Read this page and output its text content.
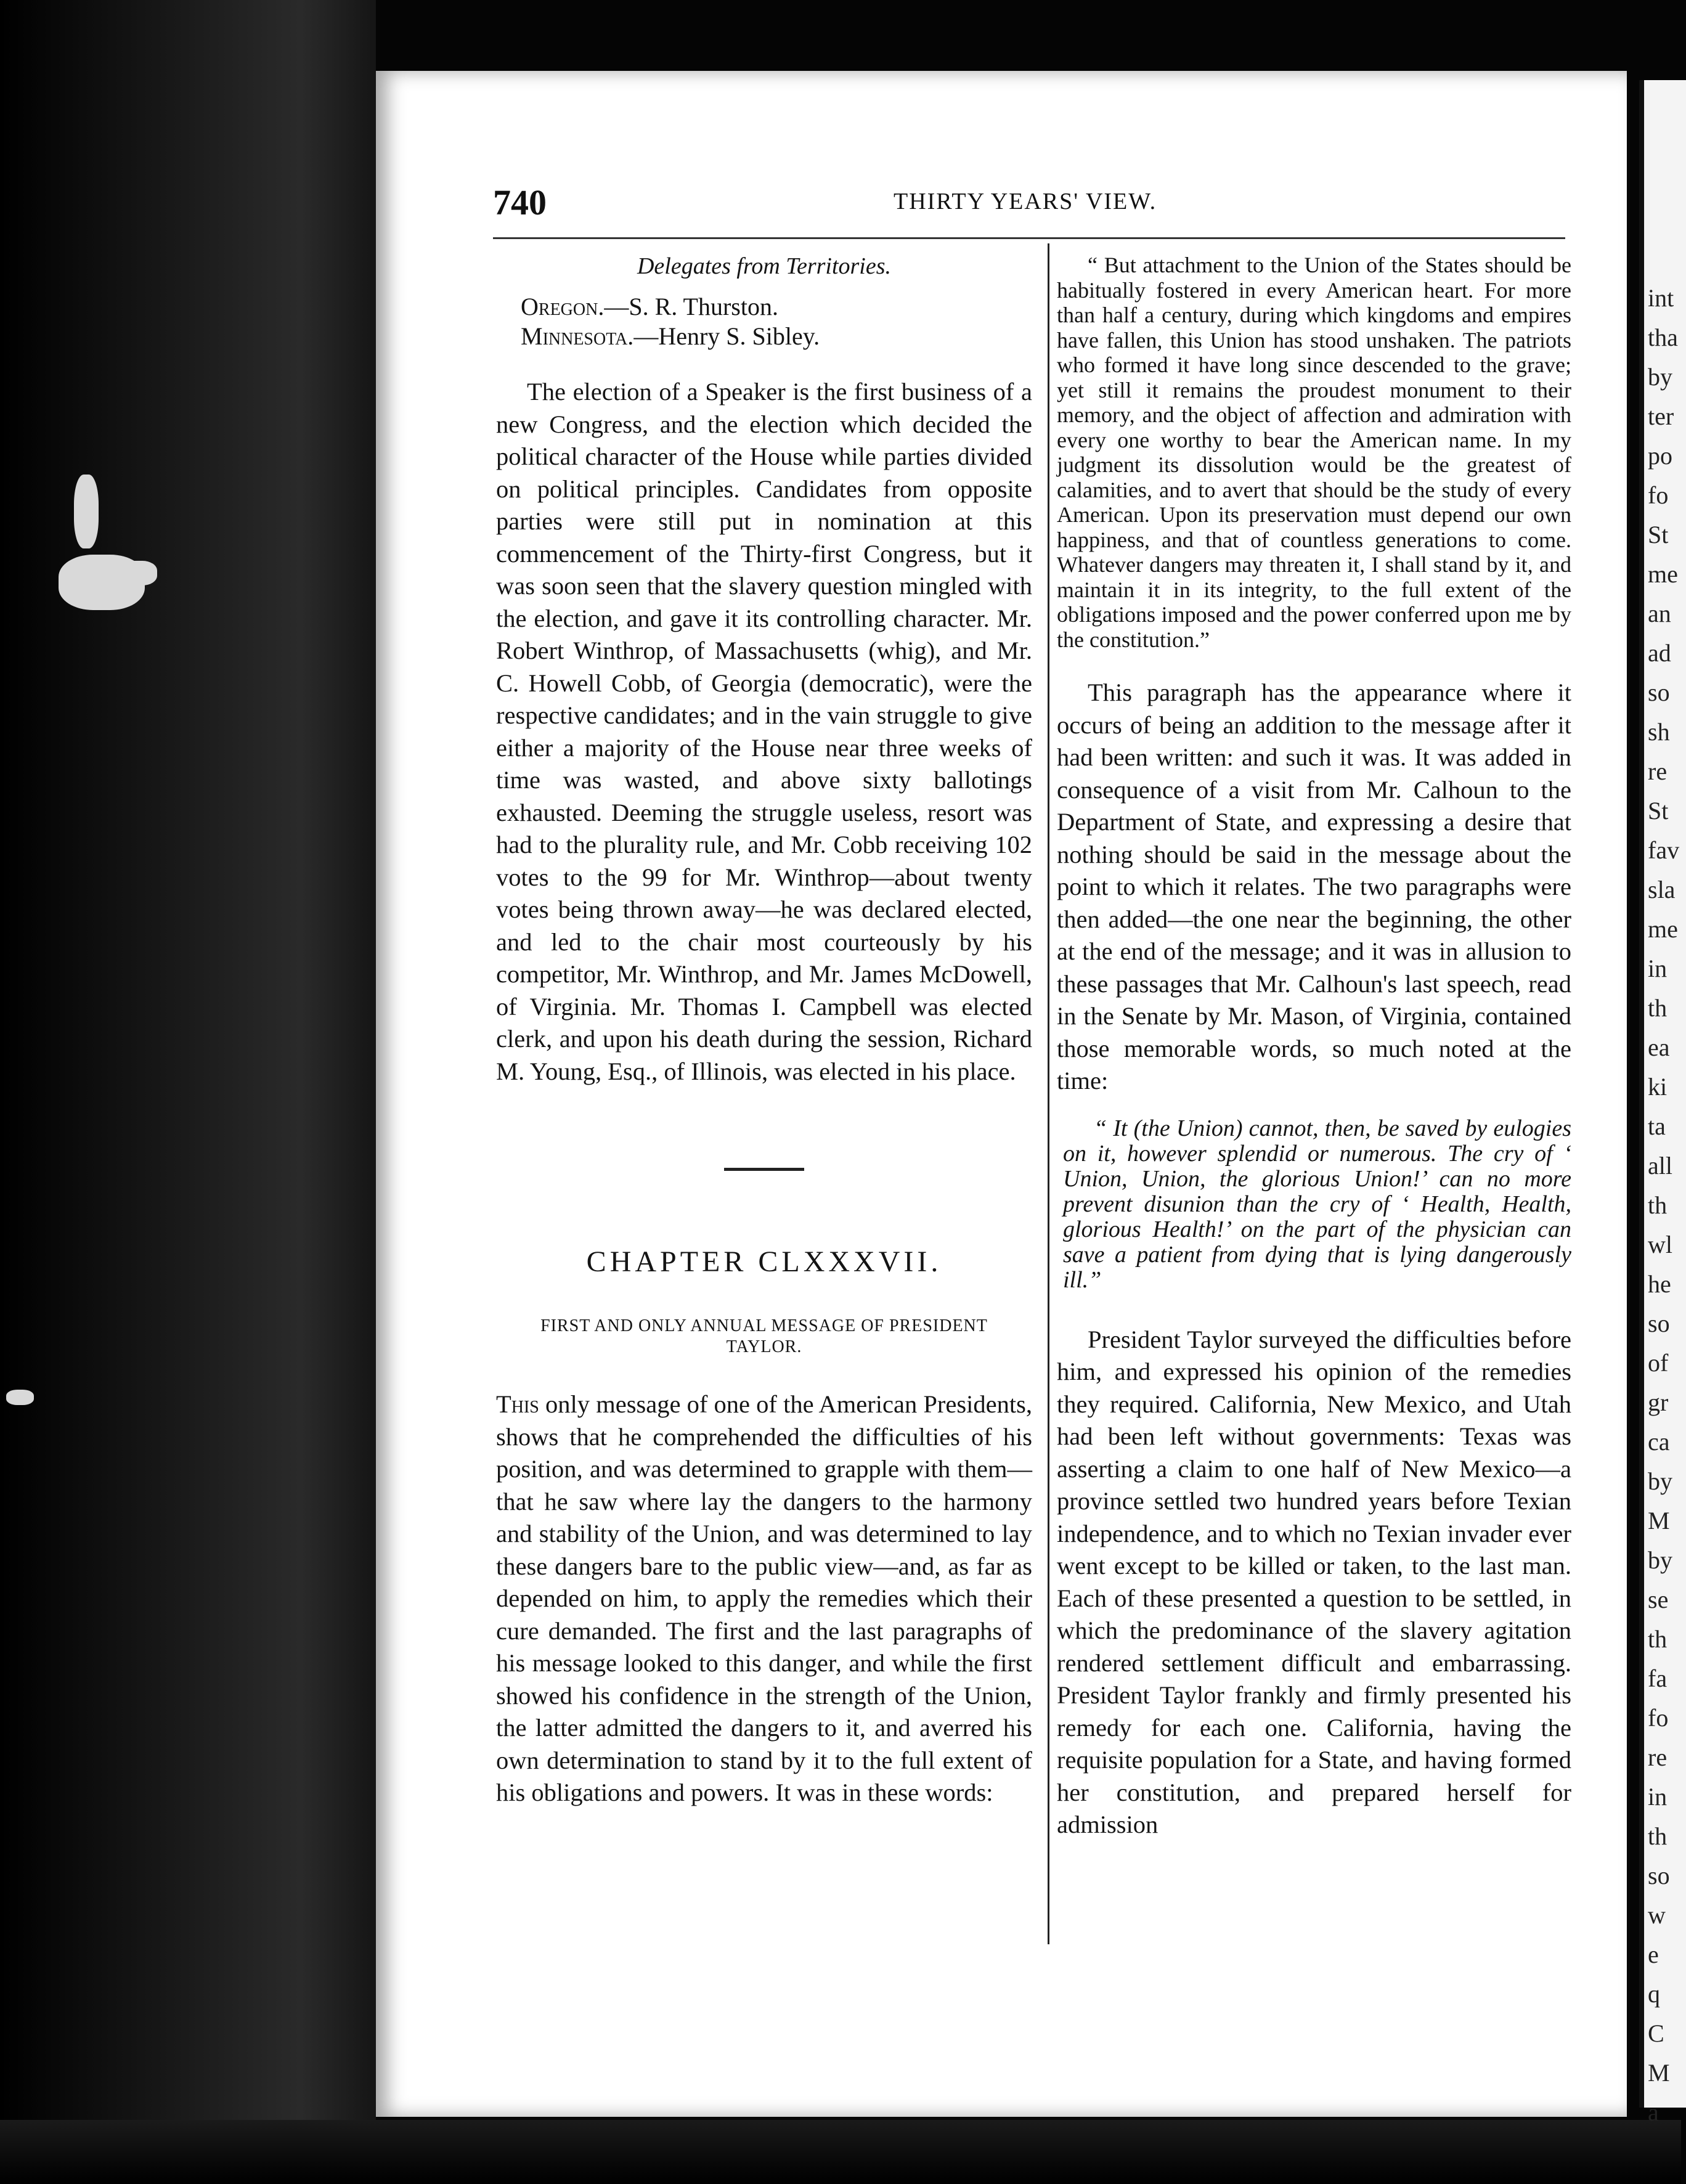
int
tha
by
ter
po
fo
St
me
an
ad
so
sh
re
St
fav
sla
me
in
th
ea
ki
ta
all
th
wl
he
so
of
gr
ca
by
M
by
se
th
fa
fo
re
in
th
so
w
e
q
C
M
a
740	THIRTY YEARS' VIEW.
Delegates from Territories.
Oregon.—S. R. Thurston.
Minnesota.—Henry S. Sibley.

The election of a Speaker is the first business of a new Congress, and the election which decided the political character of the House while parties divided on political principles. Candidates from opposite parties were still put in nomination at this commencement of the Thirty-first Congress, but it was soon seen that the slavery question mingled with the election, and gave it its controlling character. Mr. Robert Winthrop, of Massachusetts (whig), and Mr. C. Howell Cobb, of Georgia (democratic), were the respective candidates; and in the vain struggle to give either a majority of the House near three weeks of time was wasted, and above sixty ballotings exhausted. Deeming the struggle useless, resort was had to the plurality rule, and Mr. Cobb receiving 102 votes to the 99 for Mr. Winthrop—about twenty votes being thrown away—he was declared elected, and led to the chair most courteously by his competitor, Mr. Winthrop, and Mr. James McDowell, of Virginia. Mr. Thomas I. Campbell was elected clerk, and upon his death during the session, Richard M. Young, Esq., of Illinois, was elected in his place.

CHAPTER CLXXXVII.
FIRST AND ONLY ANNUAL MESSAGE OF PRESIDENT TAYLOR.

This only message of one of the American Presidents, shows that he comprehended the difficulties of his position, and was determined to grapple with them—that he saw where lay the dangers to the harmony and stability of the Union, and was determined to lay these dangers bare to the public view—and, as far as depended on him, to apply the remedies which their cure demanded. The first and the last paragraphs of his message looked to this danger, and while the first showed his confidence in the strength of the Union, the latter admitted the dangers to it, and averred his own determination to stand by it to the full extent of his obligations and powers. It was in these words:

“ But attachment to the Union of the States should be habitually fostered in every American heart. For more than half a century, during which kingdoms and empires have fallen, this Union has stood unshaken. The patriots who formed it have long since descended to the grave; yet still it remains the proudest monument to their memory, and the object of affection and admiration with every one worthy to bear the American name. In my judgment its dissolution would be the greatest of calamities, and to avert that should be the study of every American. Upon its preservation must depend our own happiness, and that of countless generations to come. Whatever dangers may threaten it, I shall stand by it, and maintain it in its integrity, to the full extent of the obligations imposed and the power conferred upon me by the constitution.”

This paragraph has the appearance where it occurs of being an addition to the message after it had been written: and such it was. It was added in consequence of a visit from Mr. Calhoun to the Department of State, and expressing a desire that nothing should be said in the message about the point to which it relates. The two paragraphs were then added—the one near the beginning, the other at the end of the message; and it was in allusion to these passages that Mr. Calhoun's last speech, read in the Senate by Mr. Mason, of Virginia, contained those memorable words, so much noted at the time:

“ It (the Union) cannot, then, be saved by eulogies on it, however splendid or numerous. The cry of ‘ Union, Union, the glorious Union!’ can no more prevent disunion than the cry of ‘ Health, Health, glorious Health!’ on the part of the physician can save a patient from dying that is lying dangerously ill.”

President Taylor surveyed the difficulties before him, and expressed his opinion of the remedies they required. California, New Mexico, and Utah had been left without governments: Texas was asserting a claim to one half of New Mexico—a province settled two hundred years before Texian independence, and to which no Texian invader ever went except to be killed or taken, to the last man. Each of these presented a question to be settled, in which the predominance of the slavery agitation rendered settlement difficult and embarrassing. President Taylor frankly and firmly presented his remedy for each one. California, having the requisite population for a State, and having formed her constitution, and prepared herself for admission
